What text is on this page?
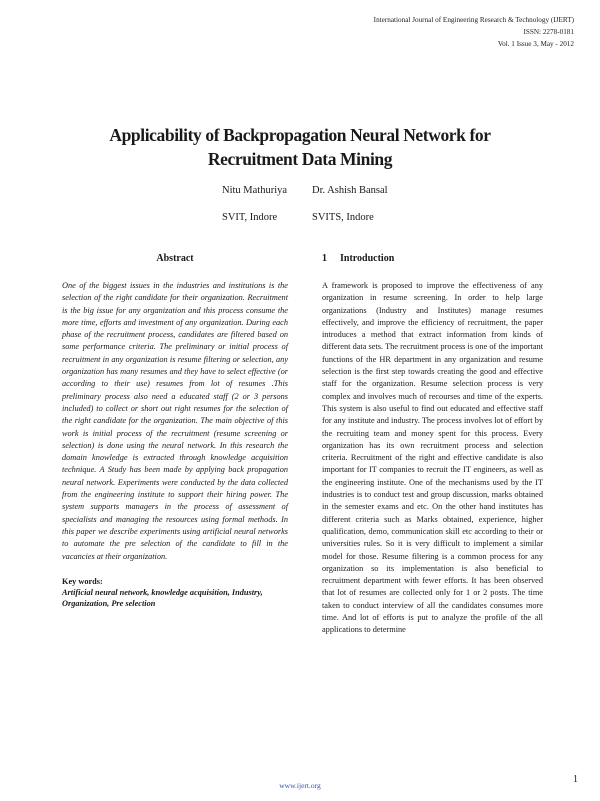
International Journal of Engineering Research & Technology (IJERT)
ISSN: 2278-0181
Vol. 1 Issue 3, May - 2012
Applicability of Backpropagation Neural Network for
Recruitment Data Mining
Nitu Mathuriya
SVIT, Indore
Dr. Ashish Bansal
SVITS, Indore
Abstract
One of the biggest issues in the industries and institutions is the selection of the right candidate for their organization. Recruitment is the big issue for any organization and this process consume the more time, efforts and investment of any organization. During each phase of the recruitment process, candidates are filtered based on some performance criteria. The preliminary or initial process of recruitment in any organization is resume filtering or selection, any organization has many resumes and they have to select effective (or according to their use) resumes from lot of resumes .This preliminary process also need a educated staff (2 or 3 persons included) to collect or short out right resumes for the selection of the right candidate for the organization. The main objective of this work is initial process of the recruitment (resume screening or selection) is done using the neural network. In this research the domain knowledge is extracted through knowledge acquisition technique. A Study has been made by applying back propagation neural network. Experiments were conducted by the data collected from the engineering institute to support their hiring power. The system supports managers in the process of assessment of specialists and managing the resources using formal methods. In this paper we describe experiments using artificial neural networks to automate the pre selection of the candidate to fill in the vacancies at their organization.
Key words:
Artificial neural network, knowledge acquisition, Industry, Organization, Pre selection
1 Introduction
A framework is proposed to improve the effectiveness of any organization in resume screening. In order to help large organizations (Industry and Institutes) manage resumes effectively, and improve the efficiency of recruitment, the paper introduces a method that extract information from kinds of different data sets. The recruitment process is one of the important functions of the HR department in any organization and resume selection is the first step towards creating the good and effective staff for the organization. Resume selection process is very complex and involves much of recourses and time of the experts. This system is also useful to find out educated and effective staff for any institute and industry. The process involves lot of effort by the recruiting team and money spent for this process. Every organization has its own recruitment process and selection criteria. Recruitment of the right and effective candidate is also important for IT companies to recruit the IT engineers, as well as the engineering institute. One of the mechanisms used by the IT industries is to conduct test and group discussion, marks obtained in the semester exams and etc. On the other hand institutes has different criteria such as Marks obtained, experience, higher qualification, demo, communication skill etc according to their or universities rules. So it is very difficult to implement a similar model for those. Resume filtering is a common process for any organization so its implementation is also beneficial to recruitment department with fewer efforts. It has been observed that lot of resumes are collected only for 1 or 2 posts. The time taken to conduct interview of all the candidates consumes more time. And lot of efforts is put to analyze the profile of the all applications to determine
www.ijert.org
1
